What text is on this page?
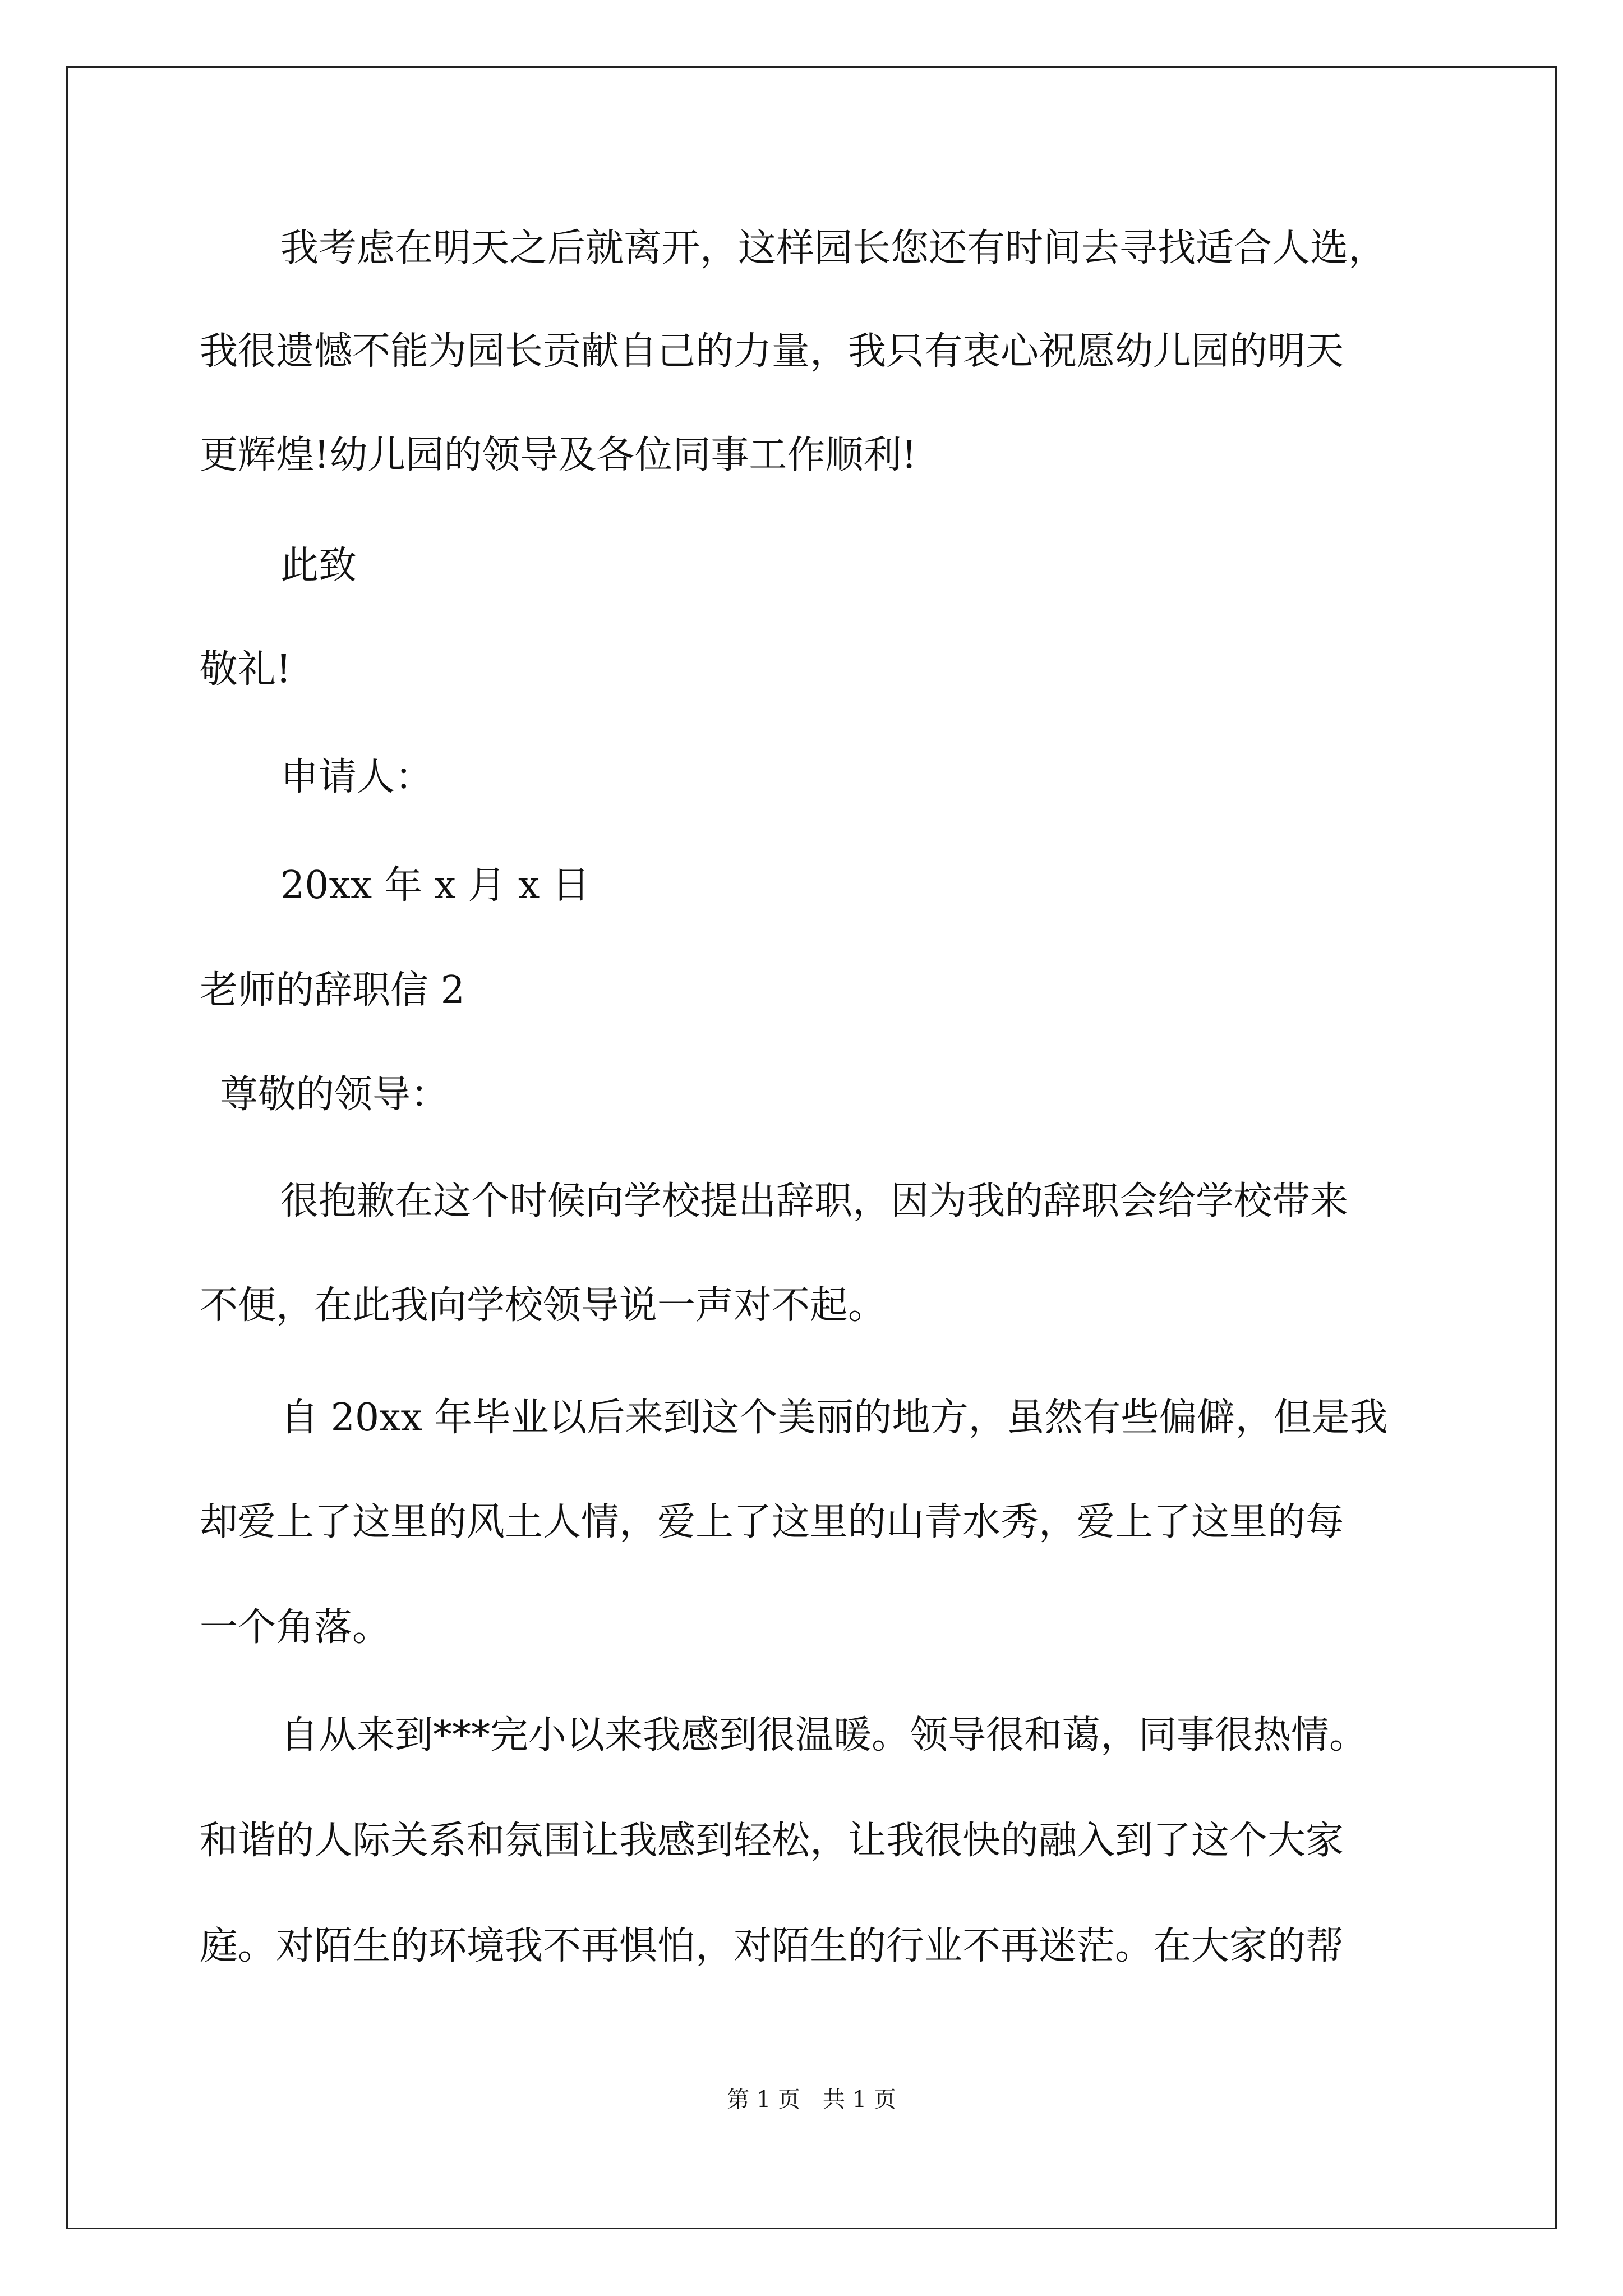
我考虑在明天之后就离开，这样园长您还有时间去寻找适合人选，
我很遗憾不能为园长贡献自己的力量，我只有衷心祝愿幼儿园的明天
更辉煌!幼儿园的领导及各位同事工作顺利!
此致
敬礼!
申请人：
20xx 年 x 月 x 日
老师的辞职信 2
尊敬的领导：
很抱歉在这个时候向学校提出辞职，因为我的辞职会给学校带来
不便，在此我向学校领导说一声对不起。
自 20xx 年毕业以后来到这个美丽的地方，虽然有些偏僻，但是我
却爱上了这里的风土人情，爱上了这里的山青水秀，爱上了这里的每
一个角落。
自从来到***完小以来我感到很温暖。领导很和蔼，同事很热情。
和谐的人际关系和氛围让我感到轻松，让我很快的融入到了这个大家
庭。对陌生的环境我不再惧怕，对陌生的行业不再迷茫。在大家的帮
第 1 页　共 1 页
